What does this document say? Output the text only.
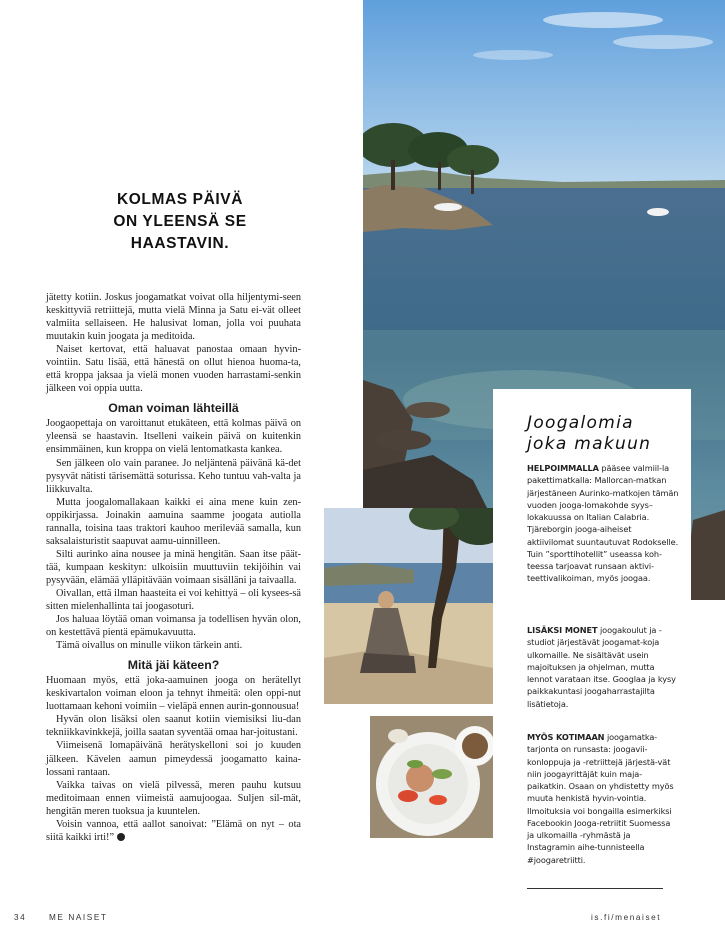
KOLMAS PÄIVÄ
ON YLEENSÄ SE
HAASTAVIN.

jätetty kotiin. Joskus joogamatkat voivat olla hiljentymi-seen keskittyviä retriittejä, mutta vielä Minna ja Satu ei-vät olleet valmiita sellaiseen. He halusivat loman, jolla voi puuhata muutakin kuin joogata ja meditoida.

Naiset kertovat, että haluavat panostaa omaan hyvin-vointiin. Satu lisää, että hänestä on ollut hienoa huoma-ta, että kroppa jaksaa ja vielä monen vuoden harrastami-senkin jälkeen voi oppia uutta.

Oman voiman lähteillä

Joogaopettaja on varoittanut etukäteen, että kolmas päivä on yleensä se haastavin. Itselleni vaikein päivä on kuitenkin ensimmäinen, kun kroppa on vielä lentomatkasta kankea.

Sen jälkeen olo vain paranee. Jo neljäntenä päivänä kä-det pysyvät nätisti tärisemättä soturissa. Keho tuntuu vah-valta ja liikkuvalta.

Mutta joogalomallakaan kaikki ei aina mene kuin zen-oppikirjassa. Joinakin aamuina saamme joogata autiolla rannalla, toisina taas traktori kauhoo merilevää samalla, kun saksalaisturistit saapuvat aamu-uinnilleen.

Silti aurinko aina nousee ja minä hengitän. Saan itse päät-tää, kumpaan keskityn: ulkoisiin muuttuviin tekijöihin vai pysyvään, elämää ylläpitävään voimaan sisälläni ja taivaalla.

Oivallan, että ilman haasteita ei voi kehittyä – oli kysees-sä sitten mielenhallinta tai joogasoturi.

Jos haluaa löytää oman voimansa ja todellisen hyvän olon, on kestettävä pientä epämukavuutta.

Tämä oivallus on minulle viikon tärkein anti.

Mitä jäi käteen?

Huomaan myös, että joka-aamuinen jooga on herätellyt keskivartalon voiman eloon ja tehnyt ihmeitä: olen oppi-nut luottamaan kehoni voimiin – vieläpä ennen aurin-gonnousua!

Hyvän olon lisäksi olen saanut kotiin viemisiksi liu-dan tekniikkavinkkejä, joilla saatan syventää omaa har-joitustani.

Viimeisenä lomapäivänä herätyskelloni soi jo kuuden jälkeen. Kävelen aamun pimeydessä joogamatto kaina-lossani rantaan.

Vaikka taivas on vielä pilvessä, meren pauhu kutsuu meditoimaan ennen viimeistä aamujoogaa. Suljen sil-mät, hengitän meren tuoksua ja kuuntelen.

Voisin vannoa, että aallot sanoivat: ”Elämä on nyt – ota siitä kaikki irti!”

Joogalomia
joka makuun
HELPOIMMALLA pääsee valmiil-la pakettimatkalla: Mallorcan-matkan järjestäneen Aurinko-matkojen tämän vuoden jooga-lomakohde syys–lokakuussa on Italian Calabria. Tjäreborgin jooga-aiheiset aktiivilomat suuntautuvat Rodokselle. Tuin ”sporttihotellit” useassa koh-teessa tarjoavat runsaan aktivi-teettivalikoiman, myös joogaa.
LISÄKSI MONET joogakoulut ja -studiot järjestävät joogamat-koja ulkomaille. Ne sisältävät usein majoituksen ja ohjelman, mutta lennot varataan itse. Googlaa ja kysy paikkakuntasi joogaharrastajilta lisätietoja.
MYÖS KOTIMAAN joogamatka-tarjonta on runsasta: joogavii-konloppuja ja -retriittejä järjestä-vät niin joogayrittäjät kuin maja-paikatkin. Osaan on yhdistetty myös muuta henkistä hyvin-vointia. Ilmoituksia voi bongailla esimerkiksi Facebookin Jooga-retriitit Suomessa ja ulkomailla -ryhmästä ja Instagramin aihe-tunnisteella #joogaretriitti.
34	ME NAISET	is.fi/menaiset
